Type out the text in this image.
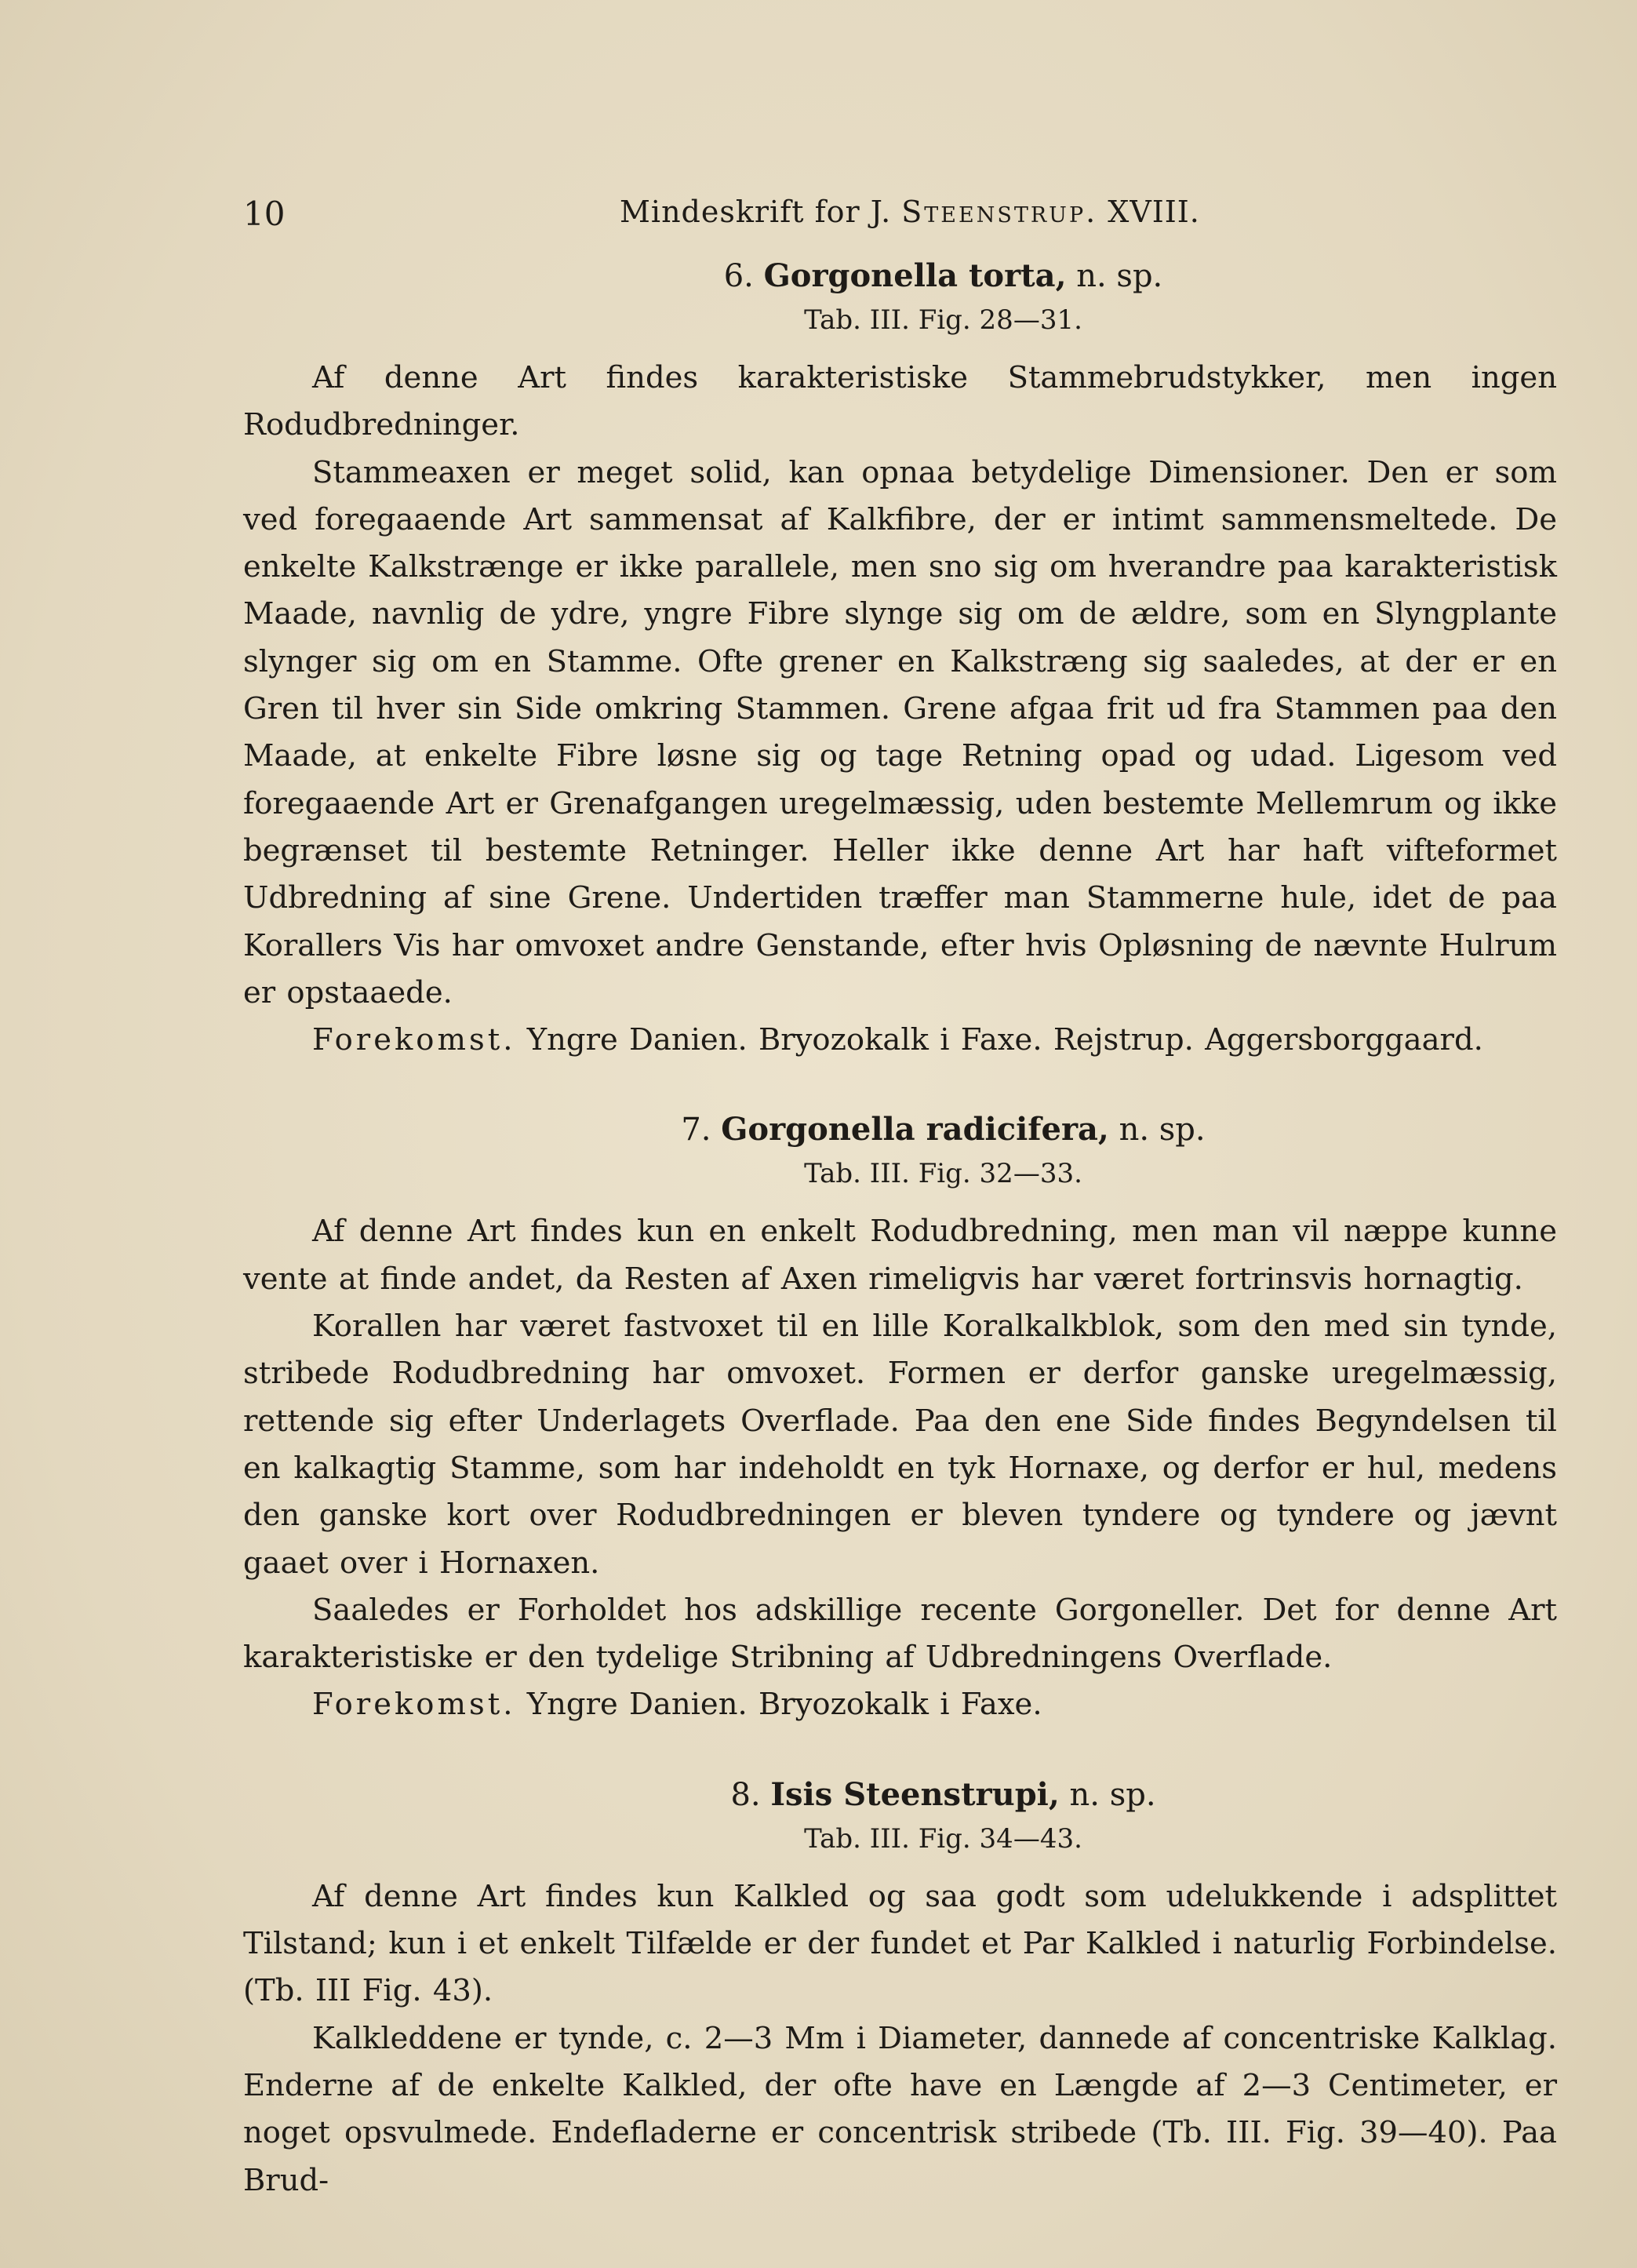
10	Mindeskrift for J. Steenstrup. XVIII.

6. Gorgonella torta, n. sp.

Tab. III. Fig. 28—31.

Af denne Art findes karakteristiske Stammebrudstykker, men ingen Rodudbredninger.

Stammeaxen er meget solid, kan opnaa betydelige Dimensioner. Den er som ved foregaaende Art sammensat af Kalkfibre, der er intimt sammensmeltede. De enkelte Kalkstrænge er ikke parallele, men sno sig om hverandre paa karakteristisk Maade, navnlig de ydre, yngre Fibre slynge sig om de ældre, som en Slyngplante slynger sig om en Stamme. Ofte grener en Kalkstræng sig saaledes, at der er en Gren til hver sin Side omkring Stammen. Grene afgaa frit ud fra Stammen paa den Maade, at enkelte Fibre løsne sig og tage Retning opad og udad. Ligesom ved foregaaende Art er Grenafgangen uregelmæssig, uden bestemte Mellemrum og ikke begrænset til bestemte Retninger. Heller ikke denne Art har haft vifteformet Udbredning af sine Grene. Undertiden træffer man Stammerne hule, idet de paa Korallers Vis har omvoxet andre Genstande, efter hvis Opløsning de nævnte Hulrum er opstaaede.

Forekomst. Yngre Danien. Bryozokalk i Faxe. Rejstrup. Aggersborggaard.

7. Gorgonella radicifera, n. sp.

Tab. III. Fig. 32—33.

Af denne Art findes kun en enkelt Rodudbredning, men man vil næppe kunne vente at finde andet, da Resten af Axen rimeligvis har været fortrinsvis hornagtig.

Korallen har været fastvoxet til en lille Koralkalkblok, som den med sin tynde, stribede Rodudbredning har omvoxet. Formen er derfor ganske uregelmæssig, rettende sig efter Underlagets Overflade. Paa den ene Side findes Begyndelsen til en kalkagtig Stamme, som har indeholdt en tyk Hornaxe, og derfor er hul, medens den ganske kort over Rodudbredningen er bleven tyndere og tyndere og jævnt gaaet over i Hornaxen.

Saaledes er Forholdet hos adskillige recente Gorgoneller. Det for denne Art karakteristiske er den tydelige Stribning af Udbredningens Overflade.

Forekomst. Yngre Danien. Bryozokalk i Faxe.

8. Isis Steenstrupi, n. sp.

Tab. III. Fig. 34—43.

Af denne Art findes kun Kalkled og saa godt som udelukkende i adsplittet Tilstand; kun i et enkelt Tilfælde er der fundet et Par Kalkled i naturlig Forbindelse. (Tb. III Fig. 43).

Kalkleddene er tynde, c. 2—3 Mm i Diameter, dannede af concentriske Kalklag. Enderne af de enkelte Kalkled, der ofte have en Længde af 2—3 Centimeter, er noget opsvulmede. Endefladerne er concentrisk stribede (Tb. III. Fig. 39—40). Paa Brud-
